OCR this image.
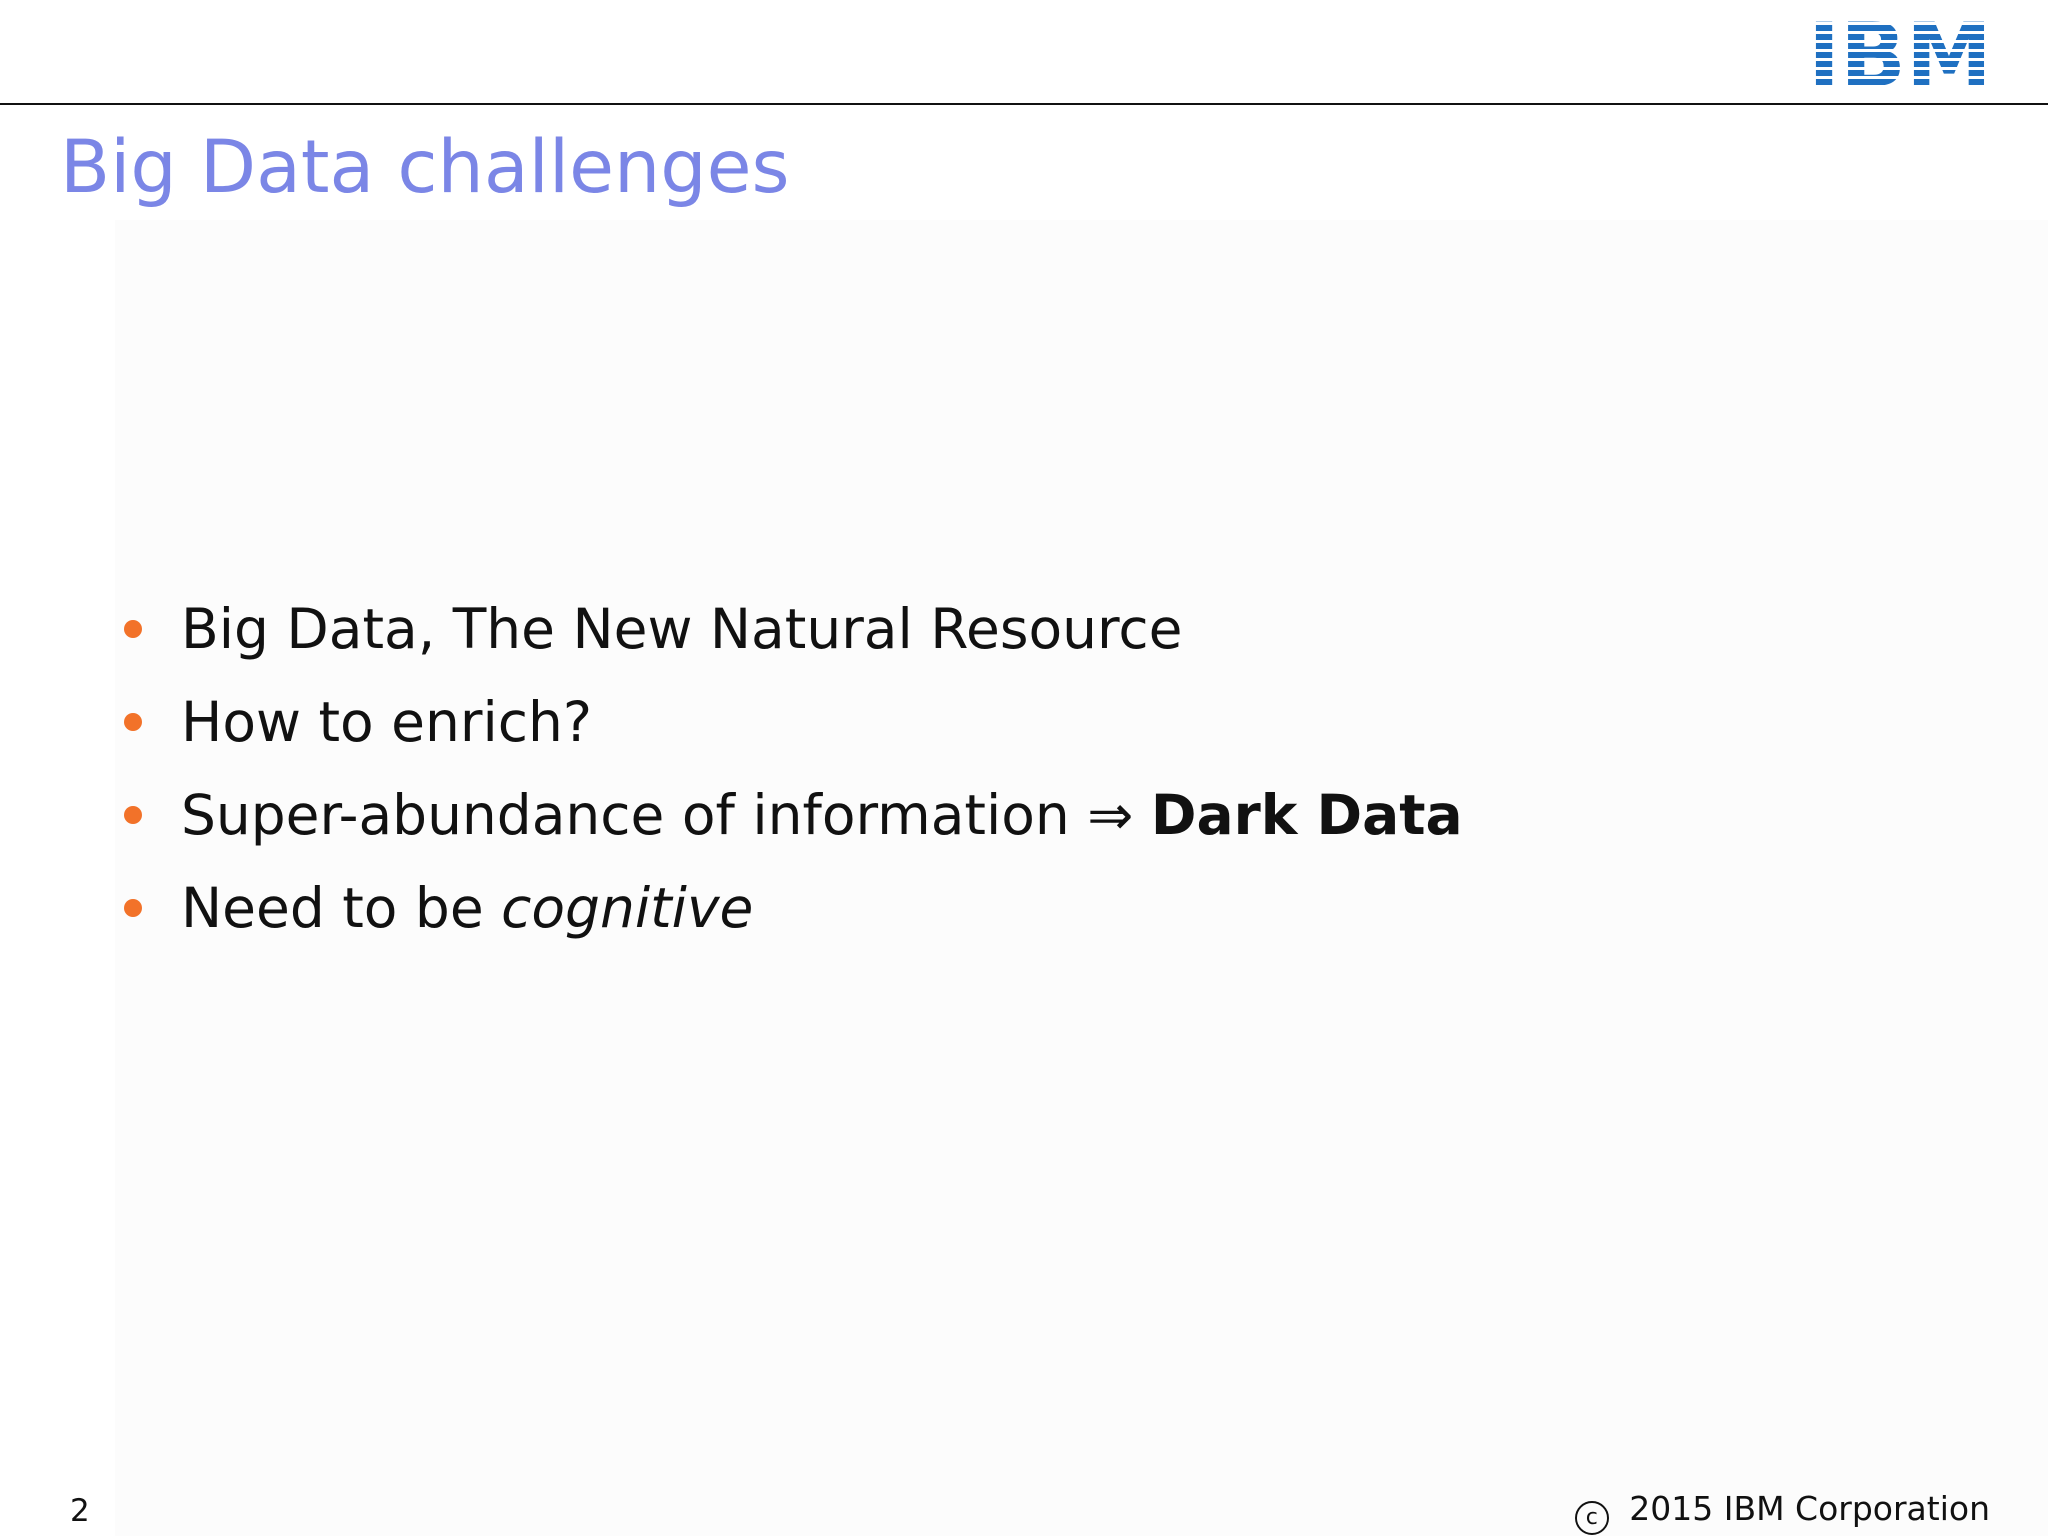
Big Data challenges
Big Data, The New Natural Resource
How to enrich?
Super-abundance of information ⇒ Dark Data
Need to be cognitive
2	c 2015 IBM Corporation
